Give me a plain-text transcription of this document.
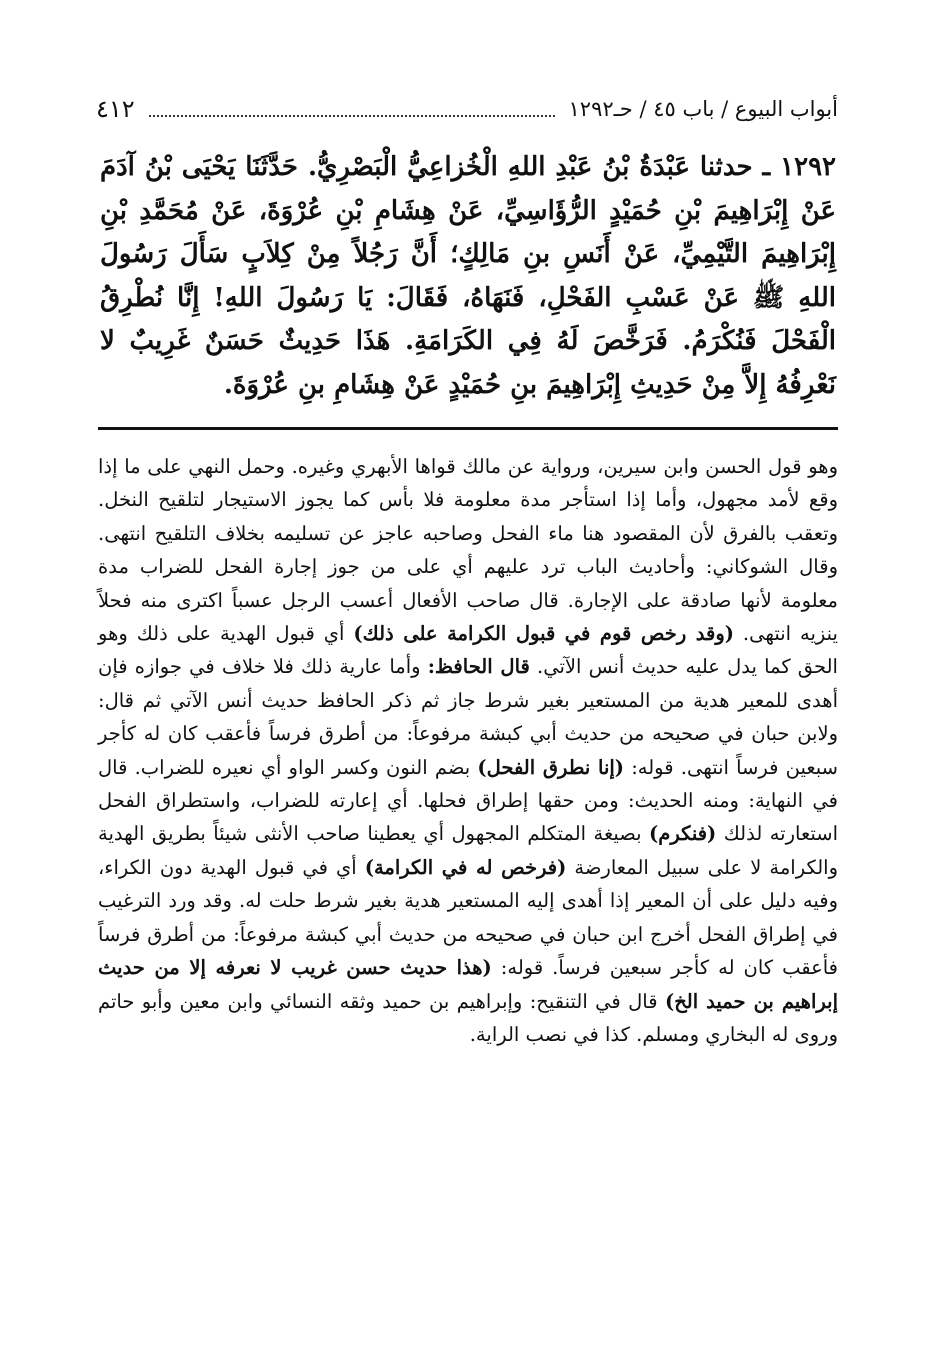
أبواب البيوع / باب ٤٥ / حـ١٢٩٢
٤١٢
١٢٩٢ ـ حدثنا عَبْدَةُ بْنُ عَبْدِ اللهِ الْخُزاعِيُّ الْبَصْرِيُّ. حَدَّثَنَا يَحْيَى بْنُ آدَمَ عَنْ إِبْرَاهِيمَ بْنِ حُمَيْدٍ الرُّؤَاسِيِّ، عَنْ هِشَامِ بْنِ عُرْوَةَ، عَنْ مُحَمَّدِ بْنِ إِبْرَاهِيمَ التَّيْمِيِّ، عَنْ أَنَسِ بنِ مَالِكٍ؛ أَنَّ رَجُلاً مِنْ كِلاَبٍ سَأَلَ رَسُولَ اللهِ ﷺ عَنْ عَسْبِ الفَحْلِ، فَنَهَاهُ، فَقَالَ: يَا رَسُولَ اللهِ! إِنَّا نُطْرِقُ الْفَحْلَ فَنُكْرَمُ. فَرَخَّصَ لَهُ فِي الكَرَامَةِ. هَذَا حَدِيثٌ حَسَنٌ غَرِيبٌ لا نَعْرِفُهُ إِلاَّ مِنْ حَدِيثِ إِبْرَاهِيمَ بنِ حُمَيْدٍ عَنْ هِشَامِ بنِ عُرْوَةَ.

وهو قول الحسن وابن سيرين، ورواية عن مالك قواها الأبهري وغيره. وحمل النهي على ما إذا وقع لأمد مجهول، وأما إذا استأجر مدة معلومة فلا بأس كما يجوز الاستيجار لتلقيح النخل. وتعقب بالفرق لأن المقصود هنا ماء الفحل وصاحبه عاجز عن تسليمه بخلاف التلقيح انتهى. وقال الشوكاني: وأحاديث الباب ترد عليهم أي على من جوز إجارة الفحل للضراب مدة معلومة لأنها صادقة على الإجارة. قال صاحب الأفعال أعسب الرجل عسباً اكترى منه فحلاً ينزيه انتهى. (وقد رخص قوم في قبول الكرامة على ذلك) أي قبول الهدية على ذلك وهو الحق كما يدل عليه حديث أنس الآتي. قال الحافظ: وأما عارية ذلك فلا خلاف في جوازه فإن أهدى للمعير هدية من المستعير بغير شرط جاز ثم ذكر الحافظ حديث أنس الآتي ثم قال: ولابن حبان في صحيحه من حديث أبي كبشة مرفوعاً: من أطرق فرساً فأعقب كان له كأجر سبعين فرساً انتهى. قوله: (إنا نطرق الفحل) بضم النون وكسر الواو أي نعيره للضراب. قال في النهاية: ومنه الحديث: ومن حقها إطراق فحلها. أي إعارته للضراب، واستطراق الفحل استعارته لذلك (فنكرم) بصيغة المتكلم المجهول أي يعطينا صاحب الأنثى شيئاً بطريق الهدية والكرامة لا على سبيل المعارضة (فرخص له في الكرامة) أي في قبول الهدية دون الكراء، وفيه دليل على أن المعير إذا أهدى إليه المستعير هدية بغير شرط حلت له. وقد ورد الترغيب في إطراق الفحل أخرج ابن حبان في صحيحه من حديث أبي كبشة مرفوعاً: من أطرق فرساً فأعقب كان له كأجر سبعين فرساً. قوله: (هذا حديث حسن غريب لا نعرفه إلا من حديث إبراهيم بن حميد الخ) قال في التنقيح: وإبراهيم بن حميد وثقه النسائي وابن معين وأبو حاتم وروى له البخاري ومسلم. كذا في نصب الراية.
